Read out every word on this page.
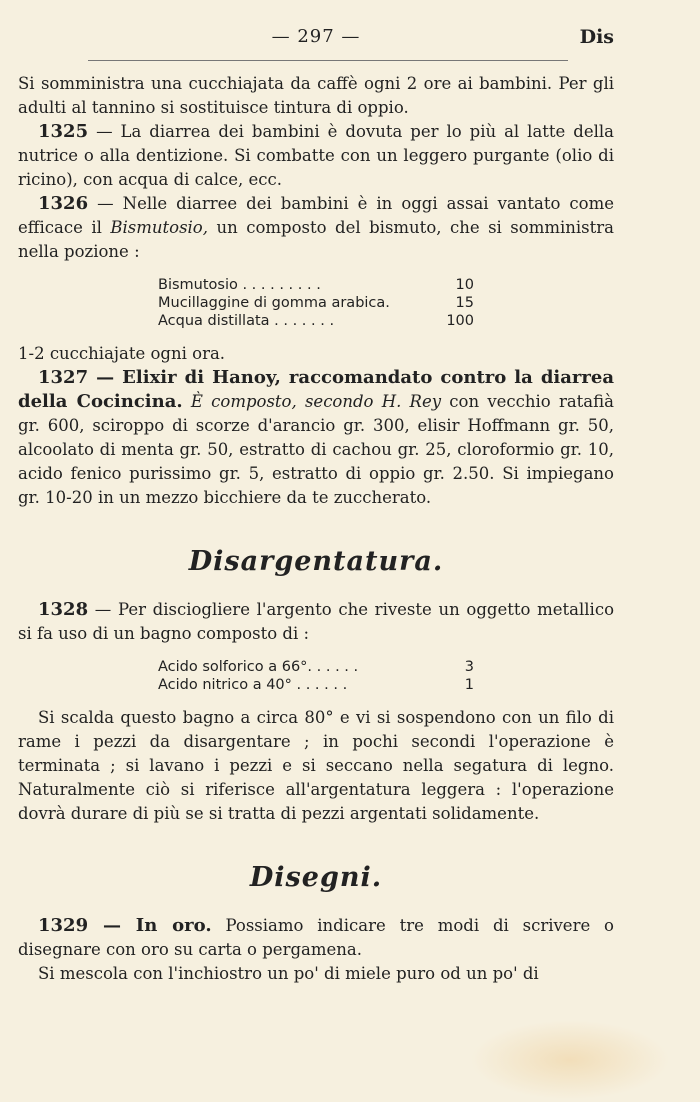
— 297 —	Dis

Si somministra una cucchiajata da caffè ogni 2 ore ai bambini. Per gli adulti al tannino si sostituisce tintura di oppio.

1325 — La diarrea dei bambini è dovuta per lo più al latte della nutrice o alla dentizione. Si combatte con un leggero purgante (olio di ricino), con acqua di calce, ecc.

1326 — Nelle diarree dei bambini è in oggi assai vantato come efficace il Bismutosio, un composto del bismuto, che si somministra nella pozione :

Bismutosio . . . . . . . . .	10
Mucillaggine di gomma arabica.	15
Acqua distillata . . . . . . .	100

1-2 cucchiajate ogni ora.

1327 — Elixir di Hanoy, raccomandato contro la diarrea della Cocincina. È composto, secondo H. Rey con vecchio ratafià gr. 600, sciroppo di scorze d'arancio gr. 300, elisir Hoffmann gr. 50, alcoolato di menta gr. 50, estratto di cachou gr. 25, cloroformio gr. 10, acido fenico purissimo gr. 5, estratto di oppio gr. 2.50. Si impiegano gr. 10-20 in un mezzo bicchiere da te zuccherato.

Disargentatura.

1328 — Per disciogliere l'argento che riveste un oggetto metallico si fa uso di un bagno composto di :

Acido solforico a 66°. . . . . .	3
Acido nitrico a 40° . . . . . .	1

Si scalda questo bagno a circa 80° e vi si sospendono con un filo di rame i pezzi da disargentare ; in pochi secondi l'operazione è terminata ; si lavano i pezzi e si seccano nella segatura di legno. Naturalmente ciò si riferisce all'argentatura leggera : l'operazione dovrà durare di più se si tratta di pezzi argentati solidamente.

Disegni.

1329 — In oro. Possiamo indicare tre modi di scrivere o disegnare con oro su carta o pergamena.

Si mescola con l'inchiostro un po' di miele puro od un po' di
